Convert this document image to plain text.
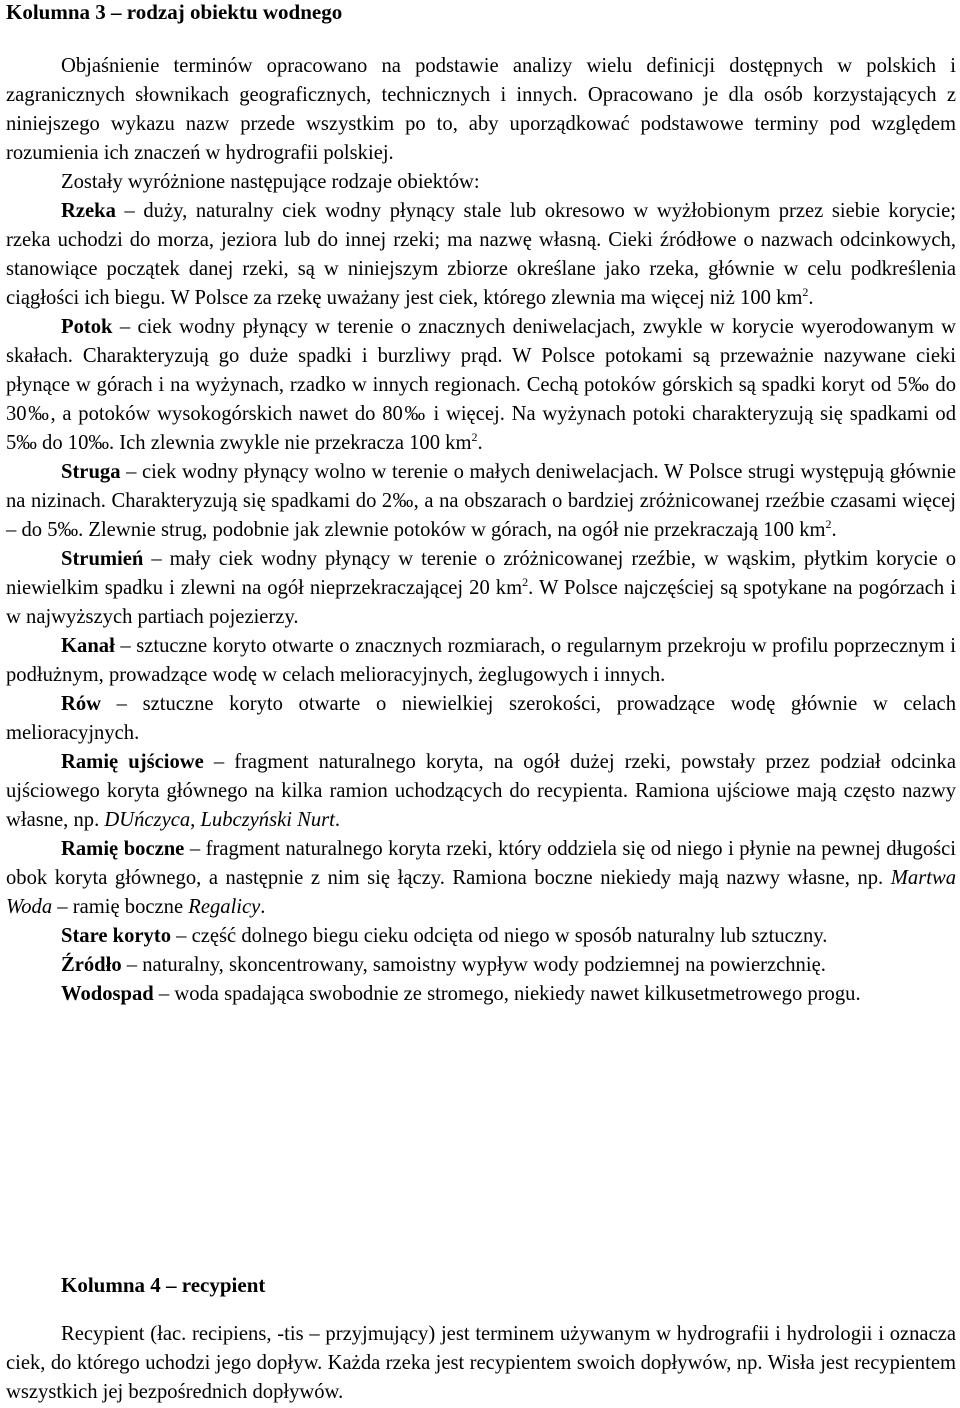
Kolumna 3 – rodzaj obiektu wodnego

Objaśnienie terminów opracowano na podstawie analizy wielu definicji dostępnych w polskich i zagranicznych słownikach geograficznych, technicznych i innych. Opracowano je dla osób korzystających z niniejszego wykazu nazw przede wszystkim po to, aby uporządkować podstawowe terminy pod względem rozumienia ich znaczeń w hydrografii polskiej.

Zostały wyróżnione następujące rodzaje obiektów:

Rzeka – duży, naturalny ciek wodny płynący stale lub okresowo w wyżłobionym przez siebie korycie; rzeka uchodzi do morza, jeziora lub do innej rzeki; ma nazwę własną. Cieki źródłowe o nazwach odcinkowych, stanowiące początek danej rzeki, są w niniejszym zbiorze określane jako rzeka, głównie w celu podkreślenia ciągłości ich biegu. W Polsce za rzekę uważany jest ciek, którego zlewnia ma więcej niż 100 $km^2$.

Potok – ciek wodny płynący w terenie o znacznych deniwelacjach, zwykle w korycie wyerodowanym w skałach. Charakteryzują go duże spadki i burzliwy prąd. W Polsce potokami są przeważnie nazywane cieki płynące w górach i na wyżynach, rzadko w innych regionach. Cechą potoków górskich są spadki koryt od 5‰ do 30‰, a potoków wysokogórskich nawet do 80‰ i więcej. Na wyżynach potoki charakteryzują się spadkami od 5‰ do 10‰. Ich zlewnia zwykle nie przekracza 100 $km^2$.

Struga – ciek wodny płynący wolno w terenie o małych deniwelacjach. W Polsce strugi występują głównie na nizinach. Charakteryzują się spadkami do 2‰, a na obszarach o bardziej zróżnicowanej rzeźbie czasami więcej – do 5‰. Zlewnie strug, podobnie jak zlewnie potoków w górach, na ogół nie przekraczają 100 $km^2$.

Strumień – mały ciek wodny płynący w terenie o zróżnicowanej rzeźbie, w wąskim, płytkim korycie o niewielkim spadku i zlewni na ogół nieprzekraczającej 20 $km^2$. W Polsce najczęściej są spotykane na pogórzach i w najwyższych partiach pojezierzy.

Kanał – sztuczne koryto otwarte o znacznych rozmiarach, o regularnym przekroju w profilu poprzecznym i podłużnym, prowadzące wodę w celach melioracyjnych, żeglugowych i innych.

Rów – sztuczne koryto otwarte o niewielkiej szerokości, prowadzące wodę głównie w celach melioracyjnych.

Ramię ujściowe – fragment naturalnego koryta, na ogół dużej rzeki, powstały przez podział odcinka ujściowego koryta głównego na kilka ramion uchodzących do recypienta. Ramiona ujściowe mają często nazwy własne, np. DUńczyca, Lubczyński Nurt.

Ramię boczne – fragment naturalnego koryta rzeki, który oddziela się od niego i płynie na pewnej długości obok koryta głównego, a następnie z nim się łączy. Ramiona boczne niekiedy mają nazwy własne, np. Martwa Woda – ramię boczne Regalicy.

Stare koryto – część dolnego biegu cieku odcięta od niego w sposób naturalny lub sztuczny.

Źródło – naturalny, skoncentrowany, samoistny wypływ wody podziemnej na powierzchnię.

Wodospad – woda spadająca swobodnie ze stromego, niekiedy nawet kilkusetmetrowego progu.

Kolumna 4 – recypient

Recypient (łac. recipiens, -tis – przyjmujący) jest terminem używanym w hydrografii i hydrologii i oznacza ciek, do którego uchodzi jego dopływ. Każda rzeka jest recypientem swoich dopływów, np. Wisła jest recypientem wszystkich jej bezpośrednich dopływów.
